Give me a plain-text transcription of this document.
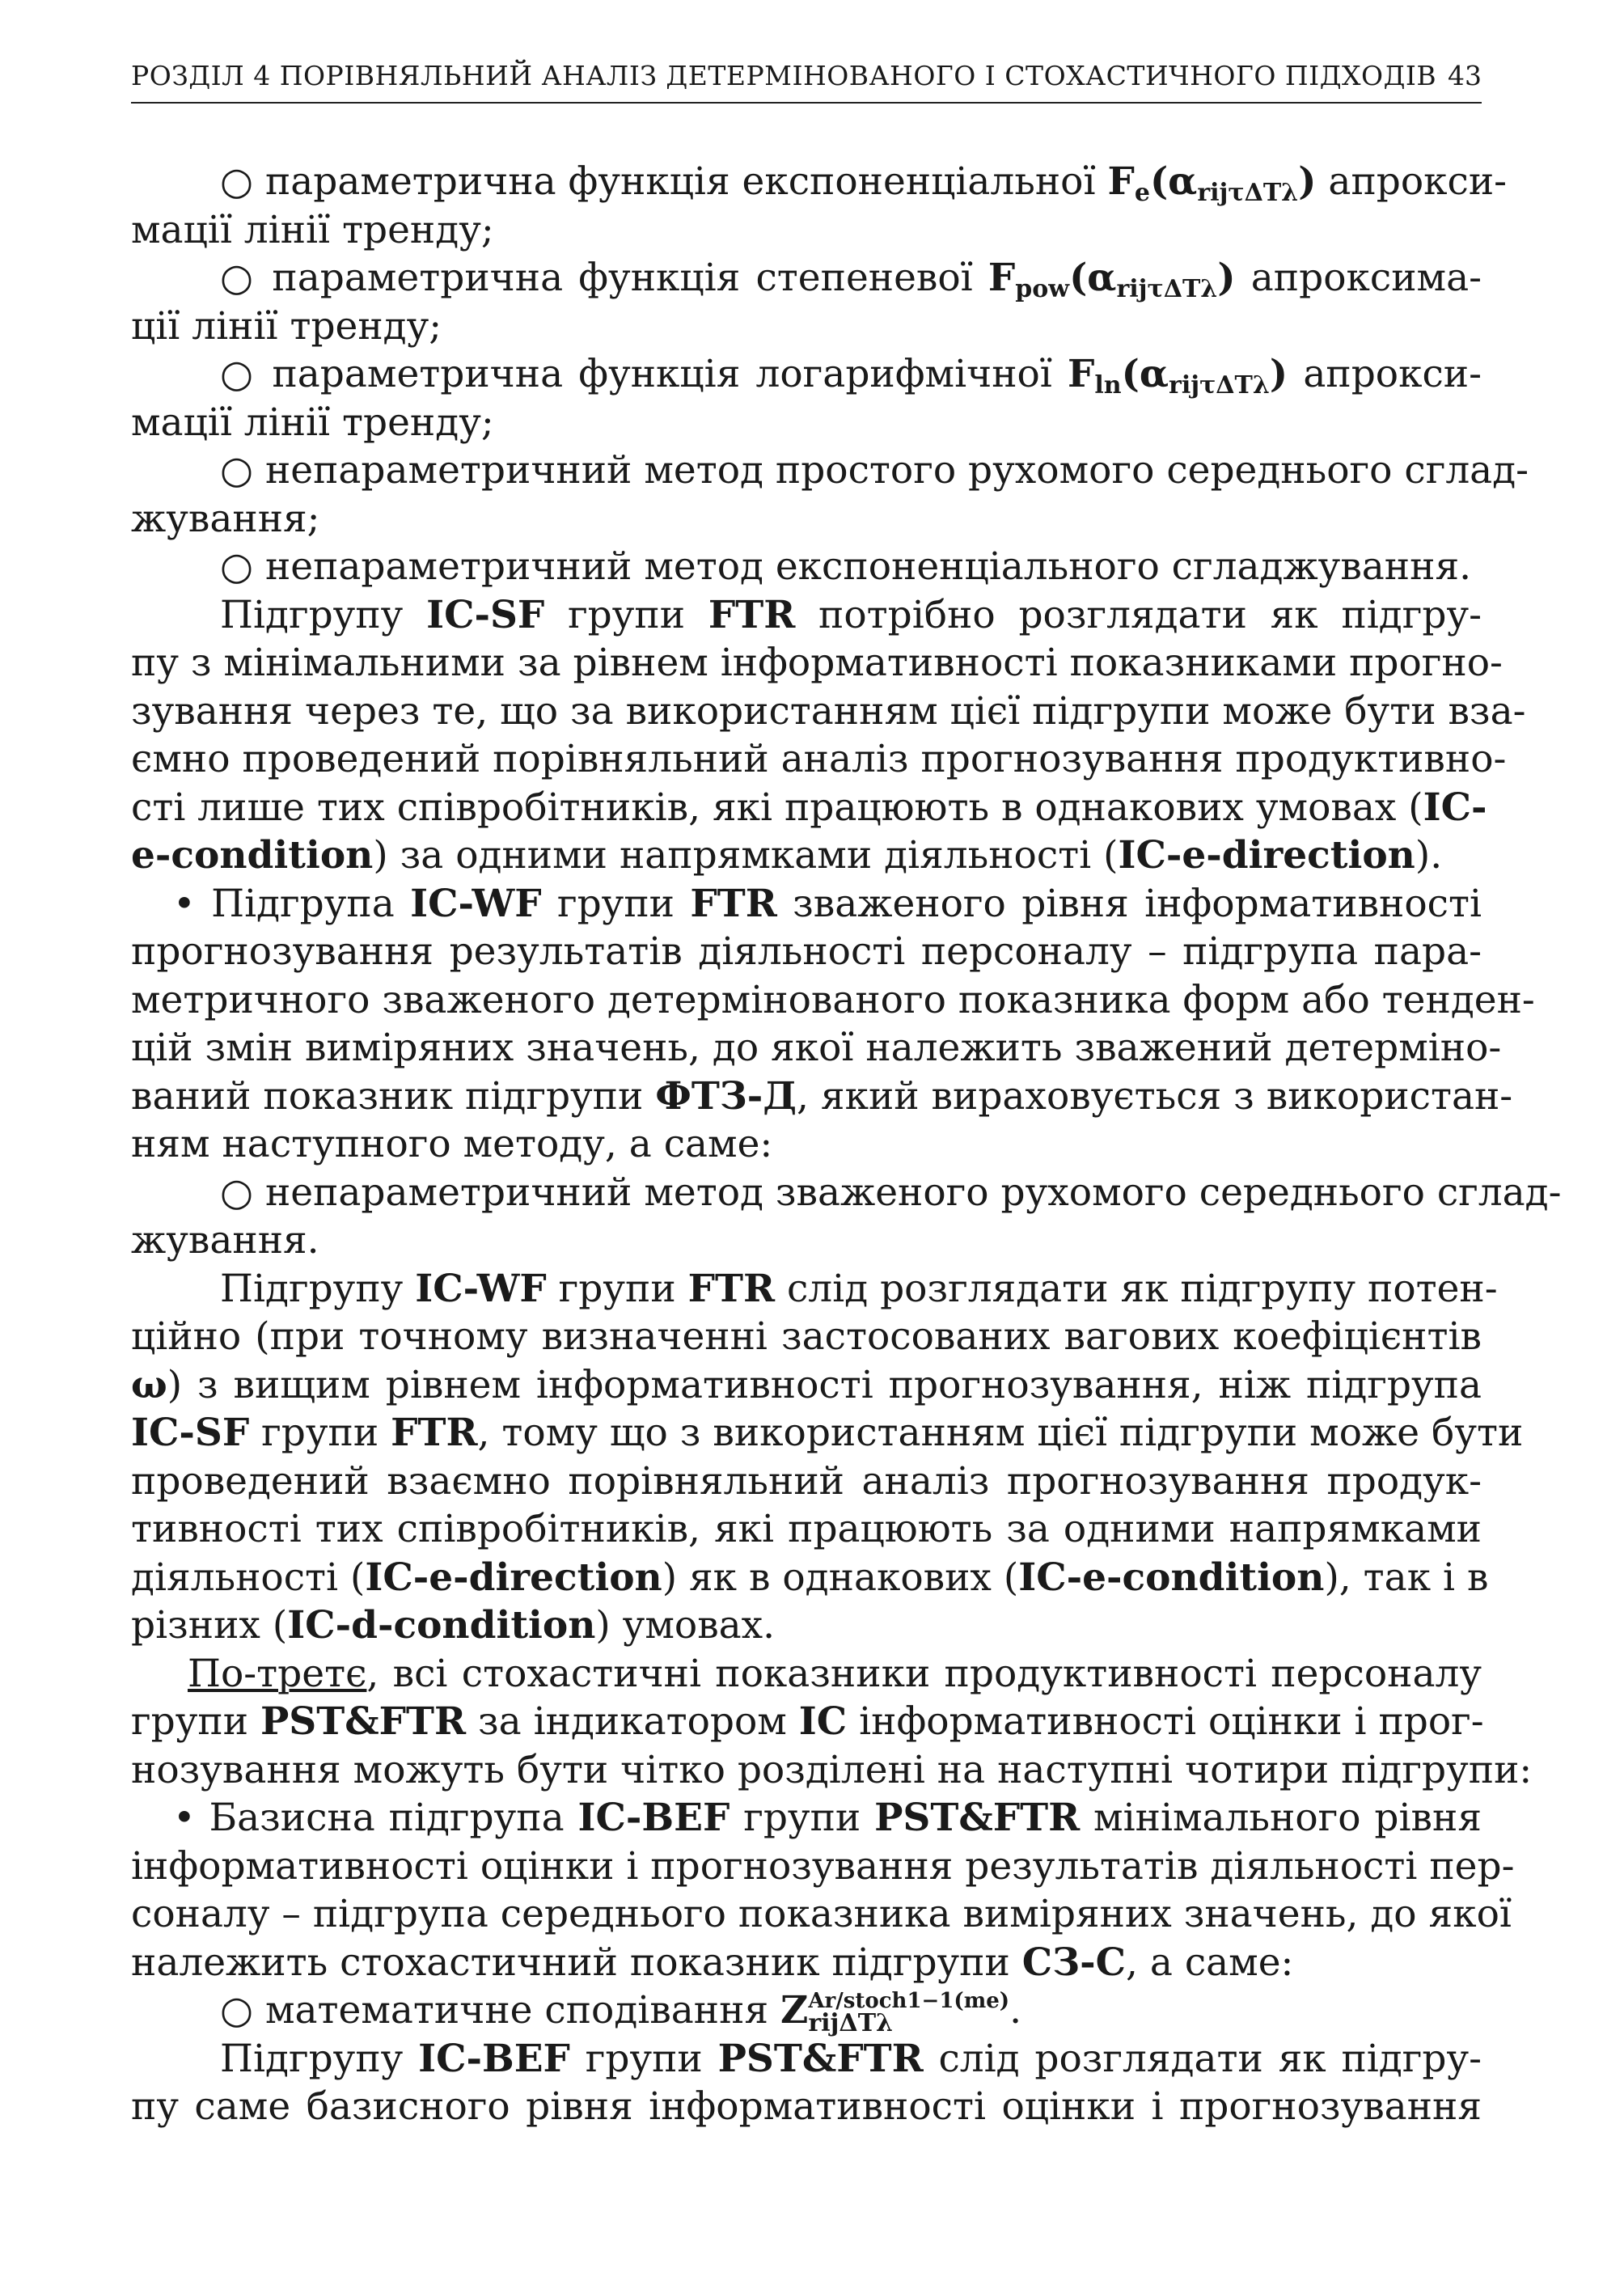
РОЗДІЛ 4 ПОРІВНЯЛЬНИЙ АНАЛІЗ ДЕТЕРМІНОВАНОГО І СТОХАСТИЧНОГО ПІДХОДІВ 43
○ параметрична функція експоненціальної $F_e(\alpha_{rij\tau\Delta T\lambda})$ апрокси-
мації лінії тренду;
○ параметрична функція степеневої $F_{pow}(\alpha_{rij\tau\Delta T\lambda})$ апроксима-
ції лінії тренду;
○ параметрична функція логарифмічної $F_{ln}(\alpha_{rij\tau\Delta T\lambda})$ апрокси-
мації лінії тренду;
○ непараметричний метод простого рухомого середнього сглад-
жування;
○ непараметричний метод експоненціального сгладжування.
Підгрупу IC-SF групи FTR потрібно розглядати як підгру-
пу з мінімальними за рівнем інформативності показниками прогно-
зування через те, що за використанням цієї підгрупи може бути вза-
ємно проведений порівняльний аналіз прогнозування продуктивно-
сті лише тих співробітників, які працюють в однакових умовах (IC-
e-condition) за одними напрямками діяльності (IC-e-direction).
• Підгрупа IC-WF групи FTR зваженого рівня інформативності
прогнозування результатів діяльності персоналу – підгрупа пара-
метричного зваженого детермінованого показника форм або тенден-
цій змін виміряних значень, до якої належить зважений детерміно-
ваний показник підгрупи ФТЗ-Д, який вираховується з використан-
ням наступного методу, а саме:
○ непараметричний метод зваженого рухомого середнього сглад-
жування.
Підгрупу IC-WF групи FTR слід розглядати як підгрупу потен-
ційно (при точному визначенні застосованих вагових коефіцієнтів
ω) з вищим рівнем інформативності прогнозування, ніж підгрупа
IC-SF групи FTR, тому що з використанням цієї підгрупи може бути
проведений взаємно порівняльний аналіз прогнозування продук-
тивності тих співробітників, які працюють за одними напрямками
діяльності (IC-e-direction) як в однакових (IC-e-condition), так і в
різних (IC-d-condition) умовах.
По-третє, всі стохастичні показники продуктивності персоналу
групи PST&FTR за індикатором IC інформативності оцінки і прог-
нозування можуть бути чітко розділені на наступні чотири підгрупи:
• Базисна підгрупа IC-BEF групи PST&FTR мінімального рівня
інформативності оцінки і прогнозування результатів діяльності пер-
соналу – підгрупа середнього показника виміряних значень, до якої
належить стохастичний показник підгрупи СЗ-С, а саме:
○ математичне сподівання Z Ar/stoch1−1(me)
rijΔTλ	.
Підгрупу IC-BEF групи PST&FTR слід розглядати як підгру-
пу саме базисного рівня інформативності оцінки і прогнозування
